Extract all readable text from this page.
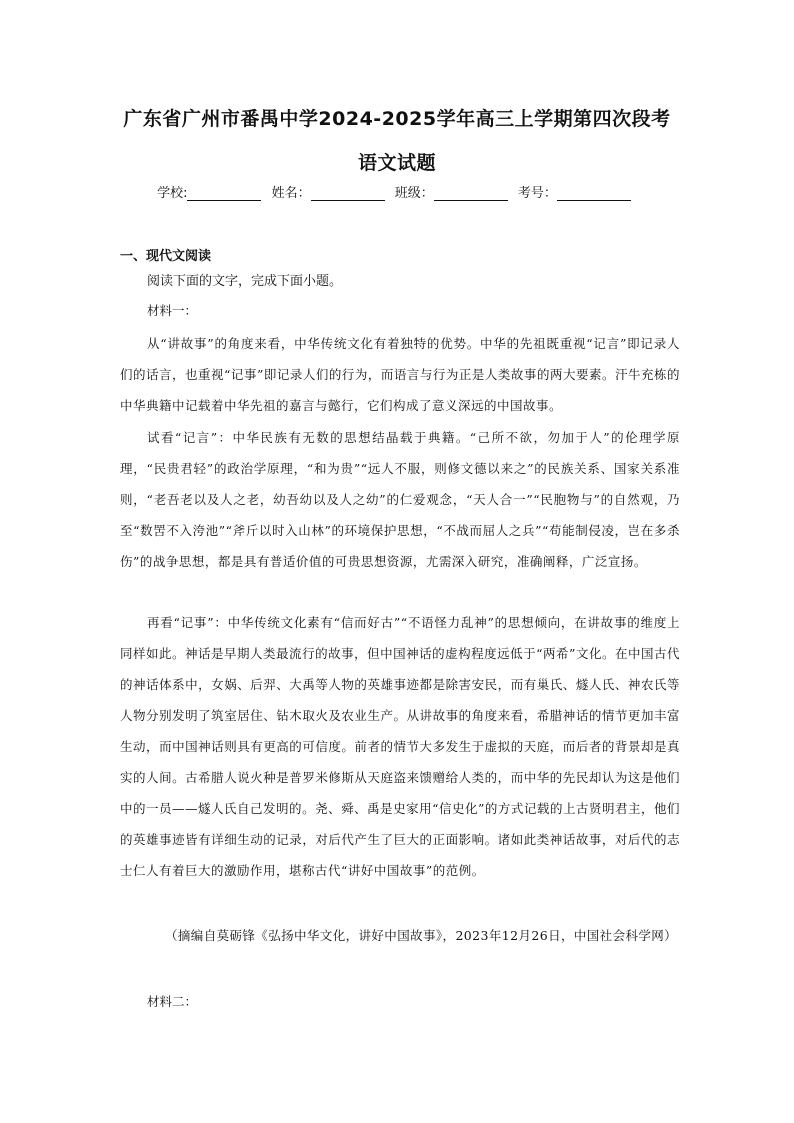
广东省广州市番禺中学2024-2025学年高三上学期第四次段考
语文试题
学校:	姓名：	班级：	考号：
一、现代文阅读
阅读下面的文字，完成下面小题。
材料一：

从“讲故事”的角度来看，中华传统文化有着独特的优势。中华的先祖既重视“记言”即记录人们的话言，也重视“记事”即记录人们的行为，而语言与行为正是人类故事的两大要素。汗牛充栋的中华典籍中记载着中华先祖的嘉言与懿行，它们构成了意义深远的中国故事。

试看“记言”：中华民族有无数的思想结晶载于典籍。“己所不欲，勿加于人”的伦理学原理，“民贵君轻”的政治学原理，“和为贵”“远人不服，则修文德以来之”的民族关系、国家关系准则，“老吾老以及人之老，幼吾幼以及人之幼”的仁爱观念，“天人合一”“民胞物与”的自然观，乃至“数罟不入洿池”“斧斤以时入山林”的环境保护思想，“不战而屈人之兵”“苟能制侵凌，岂在多杀伤”的战争思想，都是具有普适价值的可贵思想资源，尤需深入研究，准确阐释，广泛宣扬。

再看“记事”：中华传统文化素有“信而好古”“不语怪力乱神”的思想倾向，在讲故事的维度上同样如此。神话是早期人类最流行的故事，但中国神话的虚构程度远低于“两希”文化。在中国古代的神话体系中，女娲、后羿、大禹等人物的英雄事迹都是除害安民，而有巢氏、燧人氏、神农氏等人物分别发明了筑室居住、钻木取火及农业生产。从讲故事的角度来看，希腊神话的情节更加丰富生动，而中国神话则具有更高的可信度。前者的情节大多发生于虚拟的天庭，而后者的背景却是真实的人间。古希腊人说火种是普罗米修斯从天庭盗来馈赠给人类的，而中华的先民却认为这是他们中的一员——燧人氏自己发明的。尧、舜、禹是史家用“信史化”的方式记载的上古贤明君主，他们的英雄事迹皆有详细生动的记录，对后代产生了巨大的正面影响。诸如此类神话故事，对后代的志士仁人有着巨大的激励作用，堪称古代“讲好中国故事”的范例。

（摘编自莫砺锋《弘扬中华文化，讲好中国故事》，2023年12月26日，中国社会科学网）

材料二：
